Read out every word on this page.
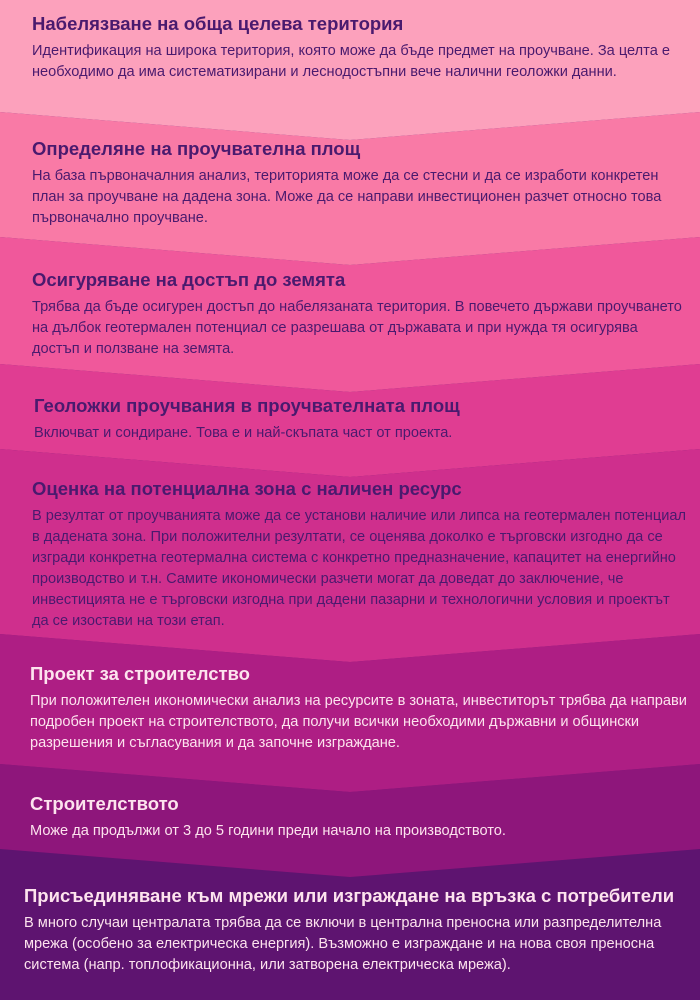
Набелязване на обща целева територия

Идентификация на широка територия, която може да бъде предмет на проучване. За целта е необходимо да има систематизирани и леснодостъпни вече налични геоложки данни.

Определяне на проучвателна площ

На база първоначалния анализ, територията може да се стесни и да се изработи конкретен план за проучване на дадена зона. Може да се направи инвестиционен разчет относно това първоначално проучване.

Осигуряване на достъп до земята

Трябва да бъде осигурен достъп до набелязаната територия. В повечето държави проучването на дълбок геотермален потенциал се разрешава от държавата и при нужда тя осигурява достъп и ползване на земята.

Геоложки проучвания в проучвателната площ

Включват и сондиране. Това е и най-скъпата част от проекта.

Оценка на потенциална зона с наличен ресурс

В резултат от проучванията може да се установи наличие или липса на геотермален потенциал в дадената зона. При положителни резултати, се оценява доколко е търговски изгодно да се изгради конкретна геотермална система с конкретно предназначение, капацитет на енергийно производство и т.н. Самите икономически разчети могат да доведат до заключение, че инвестицията не е търговски изгодна при дадени пазарни и технологични условия и проектът да се изостави на този етап.

Проект за строителство

При положителен икономически анализ на ресурсите в зоната, инвеститорът трябва да направи подробен проект на строителството, да получи всички необходими държавни и общински разрешения и съгласувания и да започне изграждане.

Строителството

Може да продължи от 3 до 5 години преди начало на производството.

Присъединяване към мрежи или изграждане на връзка с потребители

В много случаи централата трябва да се включи в централна преносна или разпределителна мрежа (особено за електрическа енергия). Възможно е изграждане и на нова своя преносна система (напр. топлофикационна, или затворена електрическа мрежа).
